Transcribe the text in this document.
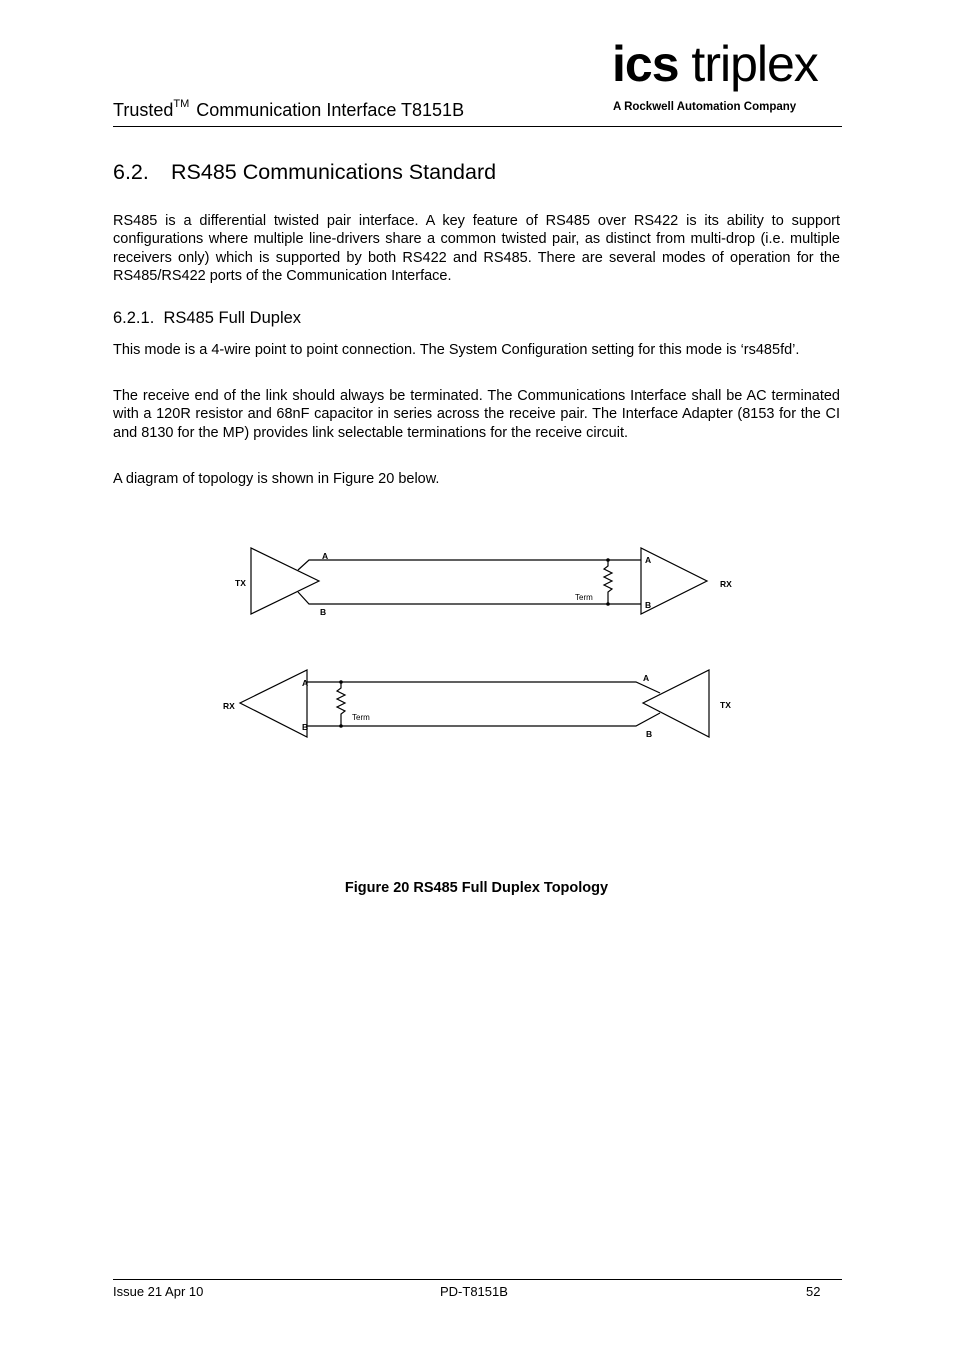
Trusted™ Communication Interface T8151B
ics triplex
A Rockwell Automation Company
6.2. RS485 Communications Standard

RS485 is a differential twisted pair interface. A key feature of RS485 over RS422 is its ability to support configurations where multiple line-drivers share a common twisted pair, as distinct from multi-drop (i.e. multiple receivers only) which is supported by both RS422 and RS485. There are several modes of operation for the RS485/RS422 ports of the Communication Interface.

6.2.1. RS485 Full Duplex

This mode is a 4-wire point to point connection. The System Configuration setting for this mode is ‘rs485fd’.

The receive end of the link should always be terminated. The Communications Interface shall be AC terminated with a 120R resistor and 68nF capacitor in series across the receive pair. The Interface Adapter (8153 for the CI and 8130 for the MP) provides link selectable terminations for the receive circuit.

A diagram of topology is shown in Figure 20 below.

TX
A
B
A
B
RX
RX
A
B
A
B
TX
Term
Term
Figure 20 RS485 Full Duplex Topology
Issue 21 Apr 10	PD-T8151B	52
